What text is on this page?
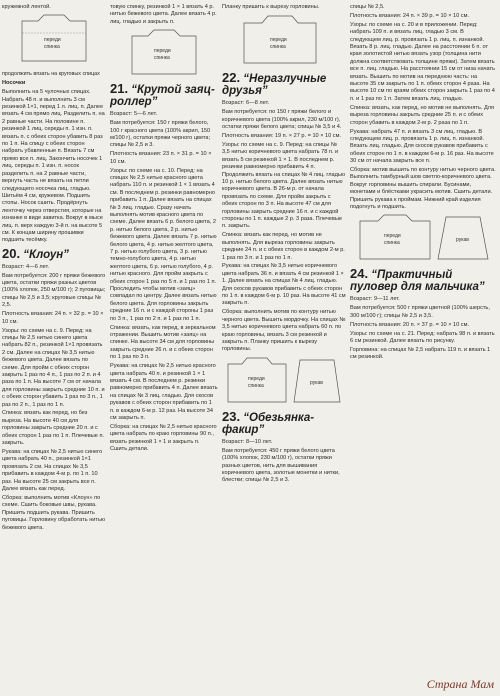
кружевной лентой.

переди
спинка

продолжить вязать на круговых спицах

Носочки

Выполнить на 5 чулочных спицах. Набрать 48 п. и выполнить 3 см резинкой 1×1, перед 1 л. лиц. п. Далее вязать 4 см прямо лиц. Разделить п. на 2 равные части. На половине п. резинкой 1 лиц. середы п. 1 изн. п. вязать п. с обеих сторон убавить 8 раз по 1 п. На спицу с обеих сторон набрать убавленные п. Вязать 7 см прямо все п. лиц. Закончить носочек 1 лиц. середы п. 1 изн. п. носок разделить п. на 2 равные части, вернуть часть не вязать на петли следующего носочка лиц. гладью. Шитьём 4 см, кружевом. Подшить стопы. Носок сшить. Продёрнуть ленточку через отверстия, которые на изнанке в виде завитка. Вокруг в мысе лиц. п. верх каждую 3-й п. на высоте 5 см. К концам ширину прошивки подшить тесёмку.

20. “Клоун”

Возраст: 4—6 лет.

Вам потребуется: 200 г пряжи бежевого цвета, остатки пряжи разных цветов (100% хлопок, 250 м/100 г); 2 пуговицы; спицы № 2,5 и 3,5; круговые спицы № 2,5.

Плотность вязания: 24 п. × 32 р. = 10 × 10 см.

Узоры: по схеме на с. 9. Перед: на спицы № 2,5 нитью синего цвета набрать 82 п., резинкой 1×1 провязать 2 см. Далее на спицах № 3,5 нитью бежевого цвета. Далее вязать по схеме. Для пройм с обеих сторон закрыть 1 раз по 4 п., 1 раз по 2 п. и 4 раза по 1 п. На высоте 7 см от начала для горловины закрыть средние 10 п. и с обеих сторон убавить 1 раз по 3 п., 1 раз по 2 п., 1 раз по 1 п.

Спинка: вязать как перед, но без выреза. На высоте 40 см для горловины закрыть средние 20 п. и с обеих сторон 1 раз по 1 п. Плечевые п. закрыть.

Рукава: на спицах № 2,5 нитью синего цвета набрать 40 п., резинкой 1×1 провязать 2 см. На спицах № 3,5 прибавить в каждом 4-м р. по 1 п. 10 раз. На высоте 25 см закрыть все п. Далее вязать как перед.

Сборка: выполнить мотив «Клоун» по схеме. Сшить боковые швы, рукава. Пришить подшить рукава. Пришить пуговицы. Горловину обработать нитью бежевого цвета.

товую спинку, резинкой 1 × 1 вязать 4 р. нитью бежевого цвета. Далее вязать 4 р. лиц. гладью и закрыть п.

переди
спинка
21. “Крутой заяц-роллер”

Возраст: 5—6 лет.

Вам потребуется: 150 г пряжи белого, 100 г красного цвета (100% акрил, 150 м/100 г), остатки пряжи черного цвета; спицы № 2,5 и 3.

Плотность вязания: 23 п. × 31 р. = 10 × 10 см.

Узоры: по схеме на с. 10. Перед: на спицах № 2,5 нитью красного цвета набрать 110 п. и резинкой 1 × 1 вязать 4 см. В последнем р. резинки равномерно прибавить 1 п. Далее вязать на спицах № 3 лиц. гладью. Сразу начать выполнять мотив красного цвета по схеме. Далее вязать 6 р. белого цвета, 2 р. нитью белого цвета, 2 р. нитью бежевого цвета. Далее вязать 7 р. нитью белого цвета, 4 р. нитью желтого цвета, 7 р. нитью голубого цвета, 3 р. нитью темно-голубого цвета, 4 р. нитью желтого цвета, 6 р. нитью голубого, 4 р. нитью красного. Для пройм закрыть с обеих сторон 1 раз по 5 п. и 1 раз по 1 п. Проследить чтобы мотив «заяц» совпадал по центру. Далее вязать нитью белого цвета. Для горловины закрыть средние 16 п. и с каждой стороны 1 раз по 3 п., 1 раз по 2 п. и 1 раз по 1 п.

Спинка: вязать, как перед, в зеркальном отражении. Вышить мотив «заяц» на спинке. На высоте 34 см для горловины закрыть средние 26 п. и с обеих сторон по 1 раз по 3 п.

Рукава: на спицах № 2,5 нитью красного цвета набрать 40 п. и резинкой 1 × 1 вязать 4 см. В последнем р. резинки равномерно прибавить 4 п. Далее вязать на спицах № 3 лиц. гладью. Для скосов рукавов с обеих сторон прибавить по 1 п. в каждом 6-м р. 12 раз. На высоте 34 см закрыть п.

Сборка: на спицах № 2,5 нитью красного цвета набрать по краю горловины 90 п., вязать резинкой 1 × 1 и закрыть п. Сшить детали.

Планку пришить к вырезу горловины.

переди
спинка
22. “Неразлучные друзья”

Возраст: 6—8 лет.

Вам потребуется: по 150 г пряжи белого и коричневого цвета (100% акрил, 230 м/100 г), остатки пряжи белого цвета; спицы № 3,5 и 4.

Плотность вязания: 19 п. × 27 р. = 10 × 10 см.

Узоры: по схеме на с. 9. Перед: на спицы № 3,5 нитью коричневого цвета набрать 78 п. и вязать 5 см резинкой 1 × 1. В последнем р. резинки равномерно прибавить 4 п. Продолжить вязать на спицах № 4 лиц. гладью 10 р. нитью белого цвета. Далее вязать нитью коричневого цвета. В 26-м р. от начала провязать по схеме. Для пройм закрыть с обеих сторон по 3 п. На высоте 47 см для горловины закрыть средние 16 п. и с каждой стороны по 1 п. каждые 2 р. 3 раза. Плечевые п. закрыть.

Спинка: вязать как перед, но мотив не выполнять. Для выреза горловины закрыть средние 24 п. и с обеих сторон в каждом 2-м р. 1 раз по 3 п. и 1 раз по 1 п.

Рукава: на спицах № 3,5 нитью коричневого цвета набрать 36 п. и вязать 4 см резинкой 1 × 1. Далее вязать на спицах № 4 лиц. гладью. Для скосов рукавов прибавить с обеих сторон по 1 п. в каждом 6-м р. 10 раз. На высоте 41 см закрыть п.

Сборка: выполнить мотив по контуру нитью черного цвета. Вышить мордочку. На спицах № 3,5 нитью коричневого цвета набрать 60 п. по краю горловины, вязать 3 см резинкой и закрыть п. Планку пришить к вырезу горловины.

переди
спинка	рукав
23. “Обезьянка-факир”

Возраст: 8—10 лет.

Вам потребуется: 450 г пряжи белого цвета (100% хлопок, 230 м/100 г), остатки пряжи разных цветов, нить для вышивания коричневого цвета, золотые монетки и нитки, блестки; спицы № 2,5 и 3.

спицы № 2,5.

Плотность вязания: 24 п. × 39 р. = 10 × 10 см.

Узоры: по схеме на с. 20 и в приложении. Перед: набрать 109 п. и вязать лиц. гладью 3 см. В следующем лиц. р. провязать 1 р. лиц. п. изнанкой. Вязать 8 р. лиц. гладью. Далее на расстоянии 6 п. от края золотистой нитью вязать узор (толщина нити должна соответствовать толщине пряжи). Затем вязать все п. лиц. гладью. На расстоянии 15 см от низа начать вязать. Вышить по мотив на переднюю часть: на высоте 35 см закрыть по 1 п. обеих сторон 4 раза. На высоте 10 см по краям обеих сторон закрыть 1 раз по 4 п. и 1 раз по 1 п. Затем вязать лиц. гладью.

Спинка: вязать, как перед, но мотив не выполнять. Для выреза горловины закрыть средние 25 п. и с обеих сторон убавить в каждом 2-м р. 2 раза по 1 п.

Рукава: набрать 47 п. и вязать 3 см лиц. гладью. В следующем лиц. р. провязать 1 р. лиц. п. изнанкой. Вязать лиц. гладью. Для скосов рукавов прибавить с обеих сторон по 1 п. в каждом 6-м р. 16 раз. На высоте 30 см от начала закрыть все п.

Сборка: мотив вышить по контуру нитью черного цвета. Выполнить тамбурный шов светло-коричневого цвета. Вокруг горловины вышить спирали. Бусинами, монетами и блёстками украсить мотив. Сшить детали. Пришить рукава к проймам. Нижний край изделия подогнуть и подшить.

переди
спинка	рукав
24. “Практичный пуловер для мальчика”

Возраст: 9—11 лет.

Вам потребуется: 500 г пряжи цветной (100% шерсть, 300 м/100 г); спицы № 2,5 и 3,5.

Плотность вязания: 20 п. × 37 р. = 10 × 10 см.

Узоры: по схеме на с. 21. Перед: набрать 98 п. и вязать 6 см резинкой. Далее вязать по рисунку.

Горловина: на спицах № 2,5 набрать 119 п. и вязать 1 см резинкой.

Страна Мам
